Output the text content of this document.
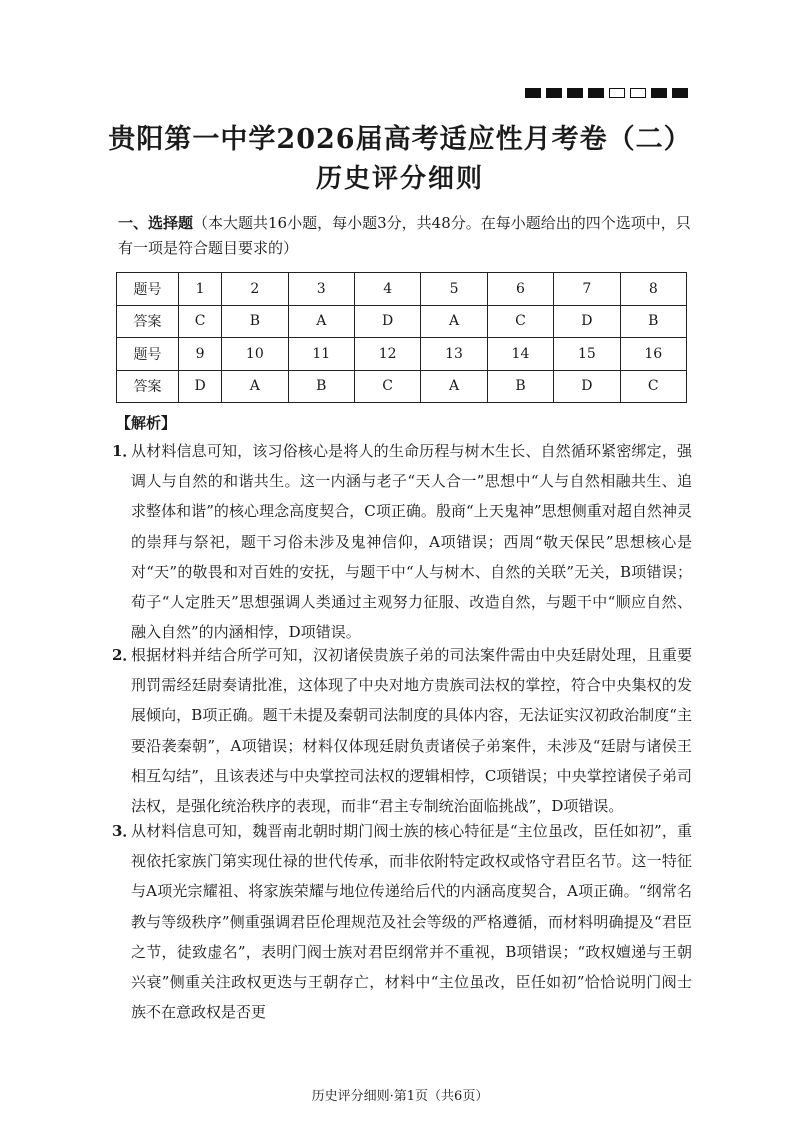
贵阳第一中学2026届高考适应性月考卷（二）
历史评分细则

一、选择题（本大题共16小题，每小题3分，共48分。在每小题给出的四个选项中，只有一项是符合题目要求的）

题号	1	2	3	4	5	6	7	8
答案	C	B	A	D	A	C	D	B
题号	9	10	11	12	13	14	15	16
答案	D	A	B	C	A	B	D	C

【解析】

1．
从材料信息可知，该习俗核心是将人的生命历程与树木生长、自然循环紧密绑定，强调人与自然的和谐共生。这一内涵与老子“天人合一”思想中“人与自然相融共生、追求整体和谐”的核心理念高度契合，C项正确。殷商“上天鬼神”思想侧重对超自然神灵的崇拜与祭祀，题干习俗未涉及鬼神信仰，A项错误；西周“敬天保民”思想核心是对“天”的敬畏和对百姓的安抚，与题干中“人与树木、自然的关联”无关，B项错误；荀子“人定胜天”思想强调人类通过主观努力征服、改造自然，与题干中“顺应自然、融入自然”的内涵相悖，D项错误。

2．
根据材料并结合所学可知，汉初诸侯贵族子弟的司法案件需由中央廷尉处理，且重要刑罚需经廷尉奏请批准，这体现了中央对地方贵族司法权的掌控，符合中央集权的发展倾向，B项正确。题干未提及秦朝司法制度的具体内容，无法证实汉初政治制度“主要沿袭秦朝”，A项错误；材料仅体现廷尉负责诸侯子弟案件，未涉及“廷尉与诸侯王相互勾结”，且该表述与中央掌控司法权的逻辑相悖，C项错误；中央掌控诸侯子弟司法权，是强化统治秩序的表现，而非“君主专制统治面临挑战”，D项错误。

3．
从材料信息可知，魏晋南北朝时期门阀士族的核心特征是“主位虽改，臣任如初”，重视依托家族门第实现仕禄的世代传承，而非依附特定政权或恪守君臣名节。这一特征与A项光宗耀祖、将家族荣耀与地位传递给后代的内涵高度契合，A项正确。“纲常名教与等级秩序”侧重强调君臣伦理规范及社会等级的严格遵循，而材料明确提及“君臣之节，徒致虚名”，表明门阀士族对君臣纲常并不重视，B项错误；“政权嬗递与王朝兴衰”侧重关注政权更迭与王朝存亡，材料中“主位虽改，臣任如初”恰恰说明门阀士族不在意政权是否更

历史评分细则·第1页（共6页）
